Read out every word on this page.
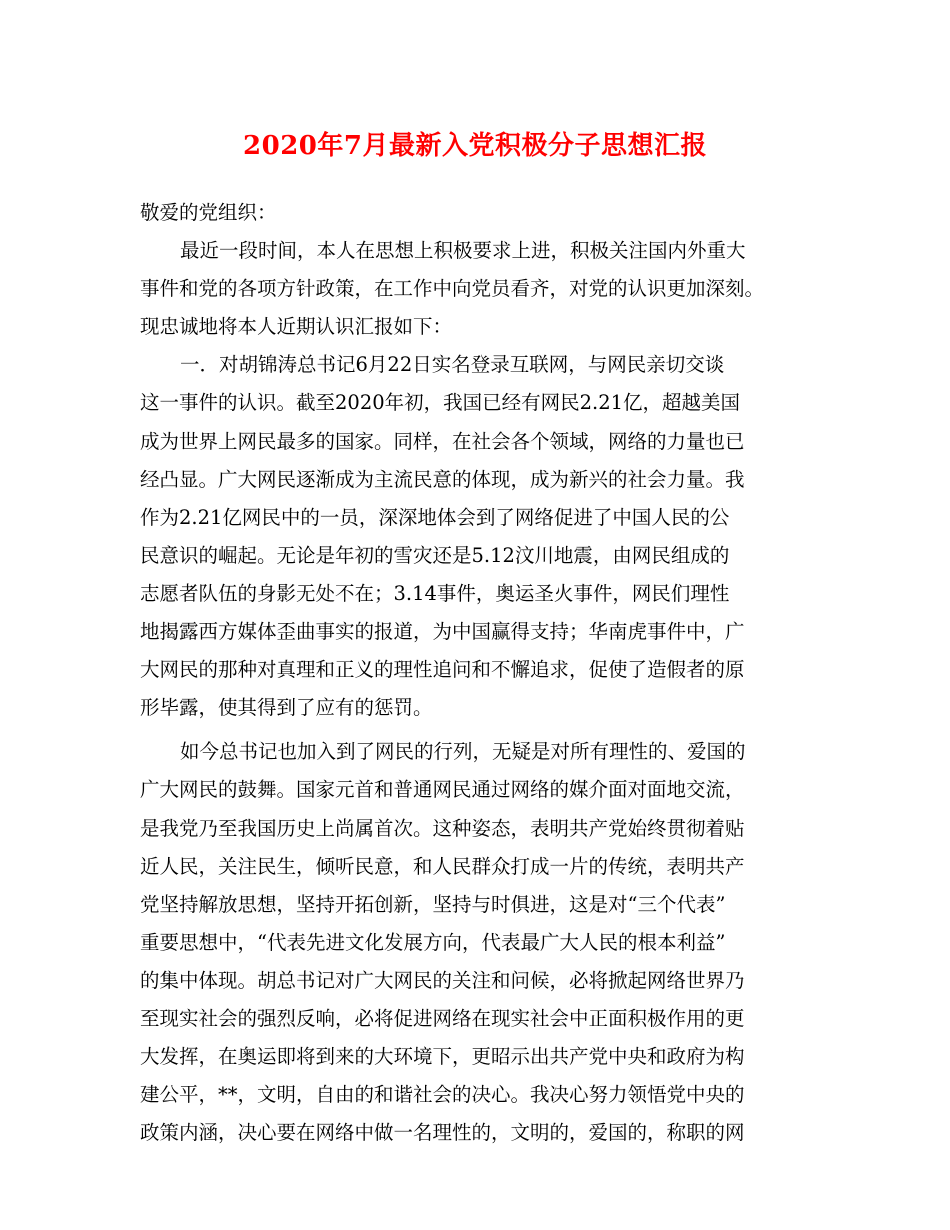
2020年7月最新入党积极分子思想汇报
敬爱的党组织：
最近一段时间，本人在思想上积极要求上进，积极关注国内外重大
事件和党的各项方针政策，在工作中向党员看齐，对党的认识更加深刻。
现忠诚地将本人近期认识汇报如下：
一．对胡锦涛总书记6月22日实名登录互联网，与网民亲切交谈
这一事件的认识。截至2020年初，我国已经有网民2.21亿，超越美国
成为世界上网民最多的国家。同样，在社会各个领域，网络的力量也已
经凸显。广大网民逐渐成为主流民意的体现，成为新兴的社会力量。我
作为2.21亿网民中的一员，深深地体会到了网络促进了中国人民的公
民意识的崛起。无论是年初的雪灾还是5.12汶川地震，由网民组成的
志愿者队伍的身影无处不在；3.14事件，奥运圣火事件，网民们理性
地揭露西方媒体歪曲事实的报道，为中国赢得支持；华南虎事件中，广
大网民的那种对真理和正义的理性追问和不懈追求，促使了造假者的原
形毕露，使其得到了应有的惩罚。
如今总书记也加入到了网民的行列，无疑是对所有理性的、爱国的
广大网民的鼓舞。国家元首和普通网民通过网络的媒介面对面地交流，
是我党乃至我国历史上尚属首次。这种姿态，表明共产党始终贯彻着贴
近人民，关注民生，倾听民意，和人民群众打成一片的传统，表明共产
党坚持解放思想，坚持开拓创新，坚持与时俱进，这是对“三个代表”
重要思想中，“代表先进文化发展方向，代表最广大人民的根本利益”
的集中体现。胡总书记对广大网民的关注和问候，必将掀起网络世界乃
至现实社会的强烈反响，必将促进网络在现实社会中正面积极作用的更
大发挥，在奥运即将到来的大环境下，更昭示出共产党中央和政府为构
建公平，**，文明，自由的和谐社会的决心。我决心努力领悟党中央的
政策内涵，决心要在网络中做一名理性的，文明的，爱国的，称职的网
